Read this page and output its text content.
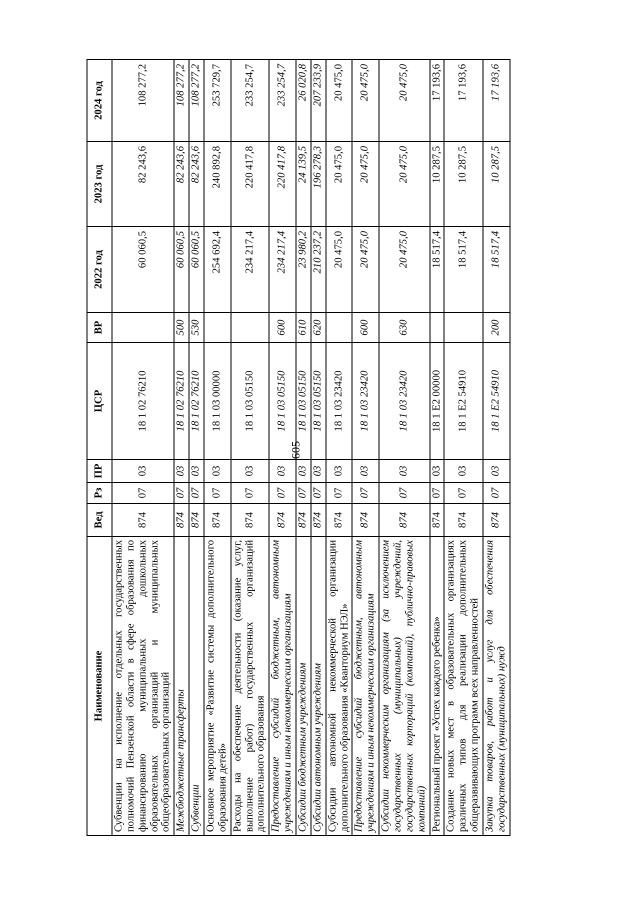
605
Наименование	Вед	Рз	ПР	ЦСР	ВР	2022 год	2023 год	2024 год
Субвенции на исполнение отдельных государственных полномочий Пензенской области в сфере образования по финансированию муниципальных дошкольных образовательных организаций и муниципальных общеобразовательных организаций	874	07	03	18 1 02 76210		60 060,5	82 243,6	108 277,2
Межбюджетные трансферты	874	07	03	18 1 02 76210	500	60 060,5	82 243,6	108 277,2
Субвенции	874	07	03	18 1 02 76210	530	60 060,5	82 243,6	108 277,2
Основное мероприятие «Развитие системы дополнительного образования детей»	874	07	03	18 1 03 00000		254 692,4	240 892,8	253 729,7
Расходы на обеспечение деятельности (оказание услуг, выполнение работ) государственных организаций дополнительного образования	874	07	03	18 1 03 05150		234 217,4	220 417,8	233 254,7
Предоставление субсидий бюджетным, автономным учреждениям и иным некоммерческим организациям	874	07	03	18 1 03 05150	600	234 217,4	220 417,8	233 254,7
Субсидии бюджетным учреждениям	874	07	03	18 1 03 05150	610	23 980,2	24 139,5	26 020,8
Субсидии автономным учреждениям	874	07	03	18 1 03 05150	620	210 237,2	196 278,3	207 233,9
Субсидии автономной некоммерческой организации дополнительного образования «Кванториум НЭЛ»	874	07	03	18 1 03 23420		20 475,0	20 475,0	20 475,0
Предоставление субсидий бюджетным, автономным учреждениям и иным некоммерческим организациям	874	07	03	18 1 03 23420	600	20 475,0	20 475,0	20 475,0
Субсидии некоммерческим организациям (за исключением государственных (муниципальных) учреждений, государственных корпораций (компаний), публично-правовых компаний)	874	07	03	18 1 03 23420	630	20 475,0	20 475,0	20 475,0
Региональный проект «Успех каждого ребенка»	874	07	03	18 1 E2 00000		18 517,4	10 287,5	17 193,6
Создание новых мест в образовательных организациях различных типов для реализации дополнительных общеразвивающих программ всех направленностей	874	07	03	18 1 E2 54910		18 517,4	10 287,5	17 193,6
Закупка товаров, работ и услуг для обеспечения государственных (муниципальных) нужд	874	07	03	18 1 E2 54910	200	18 517,4	10 287,5	17 193,6
